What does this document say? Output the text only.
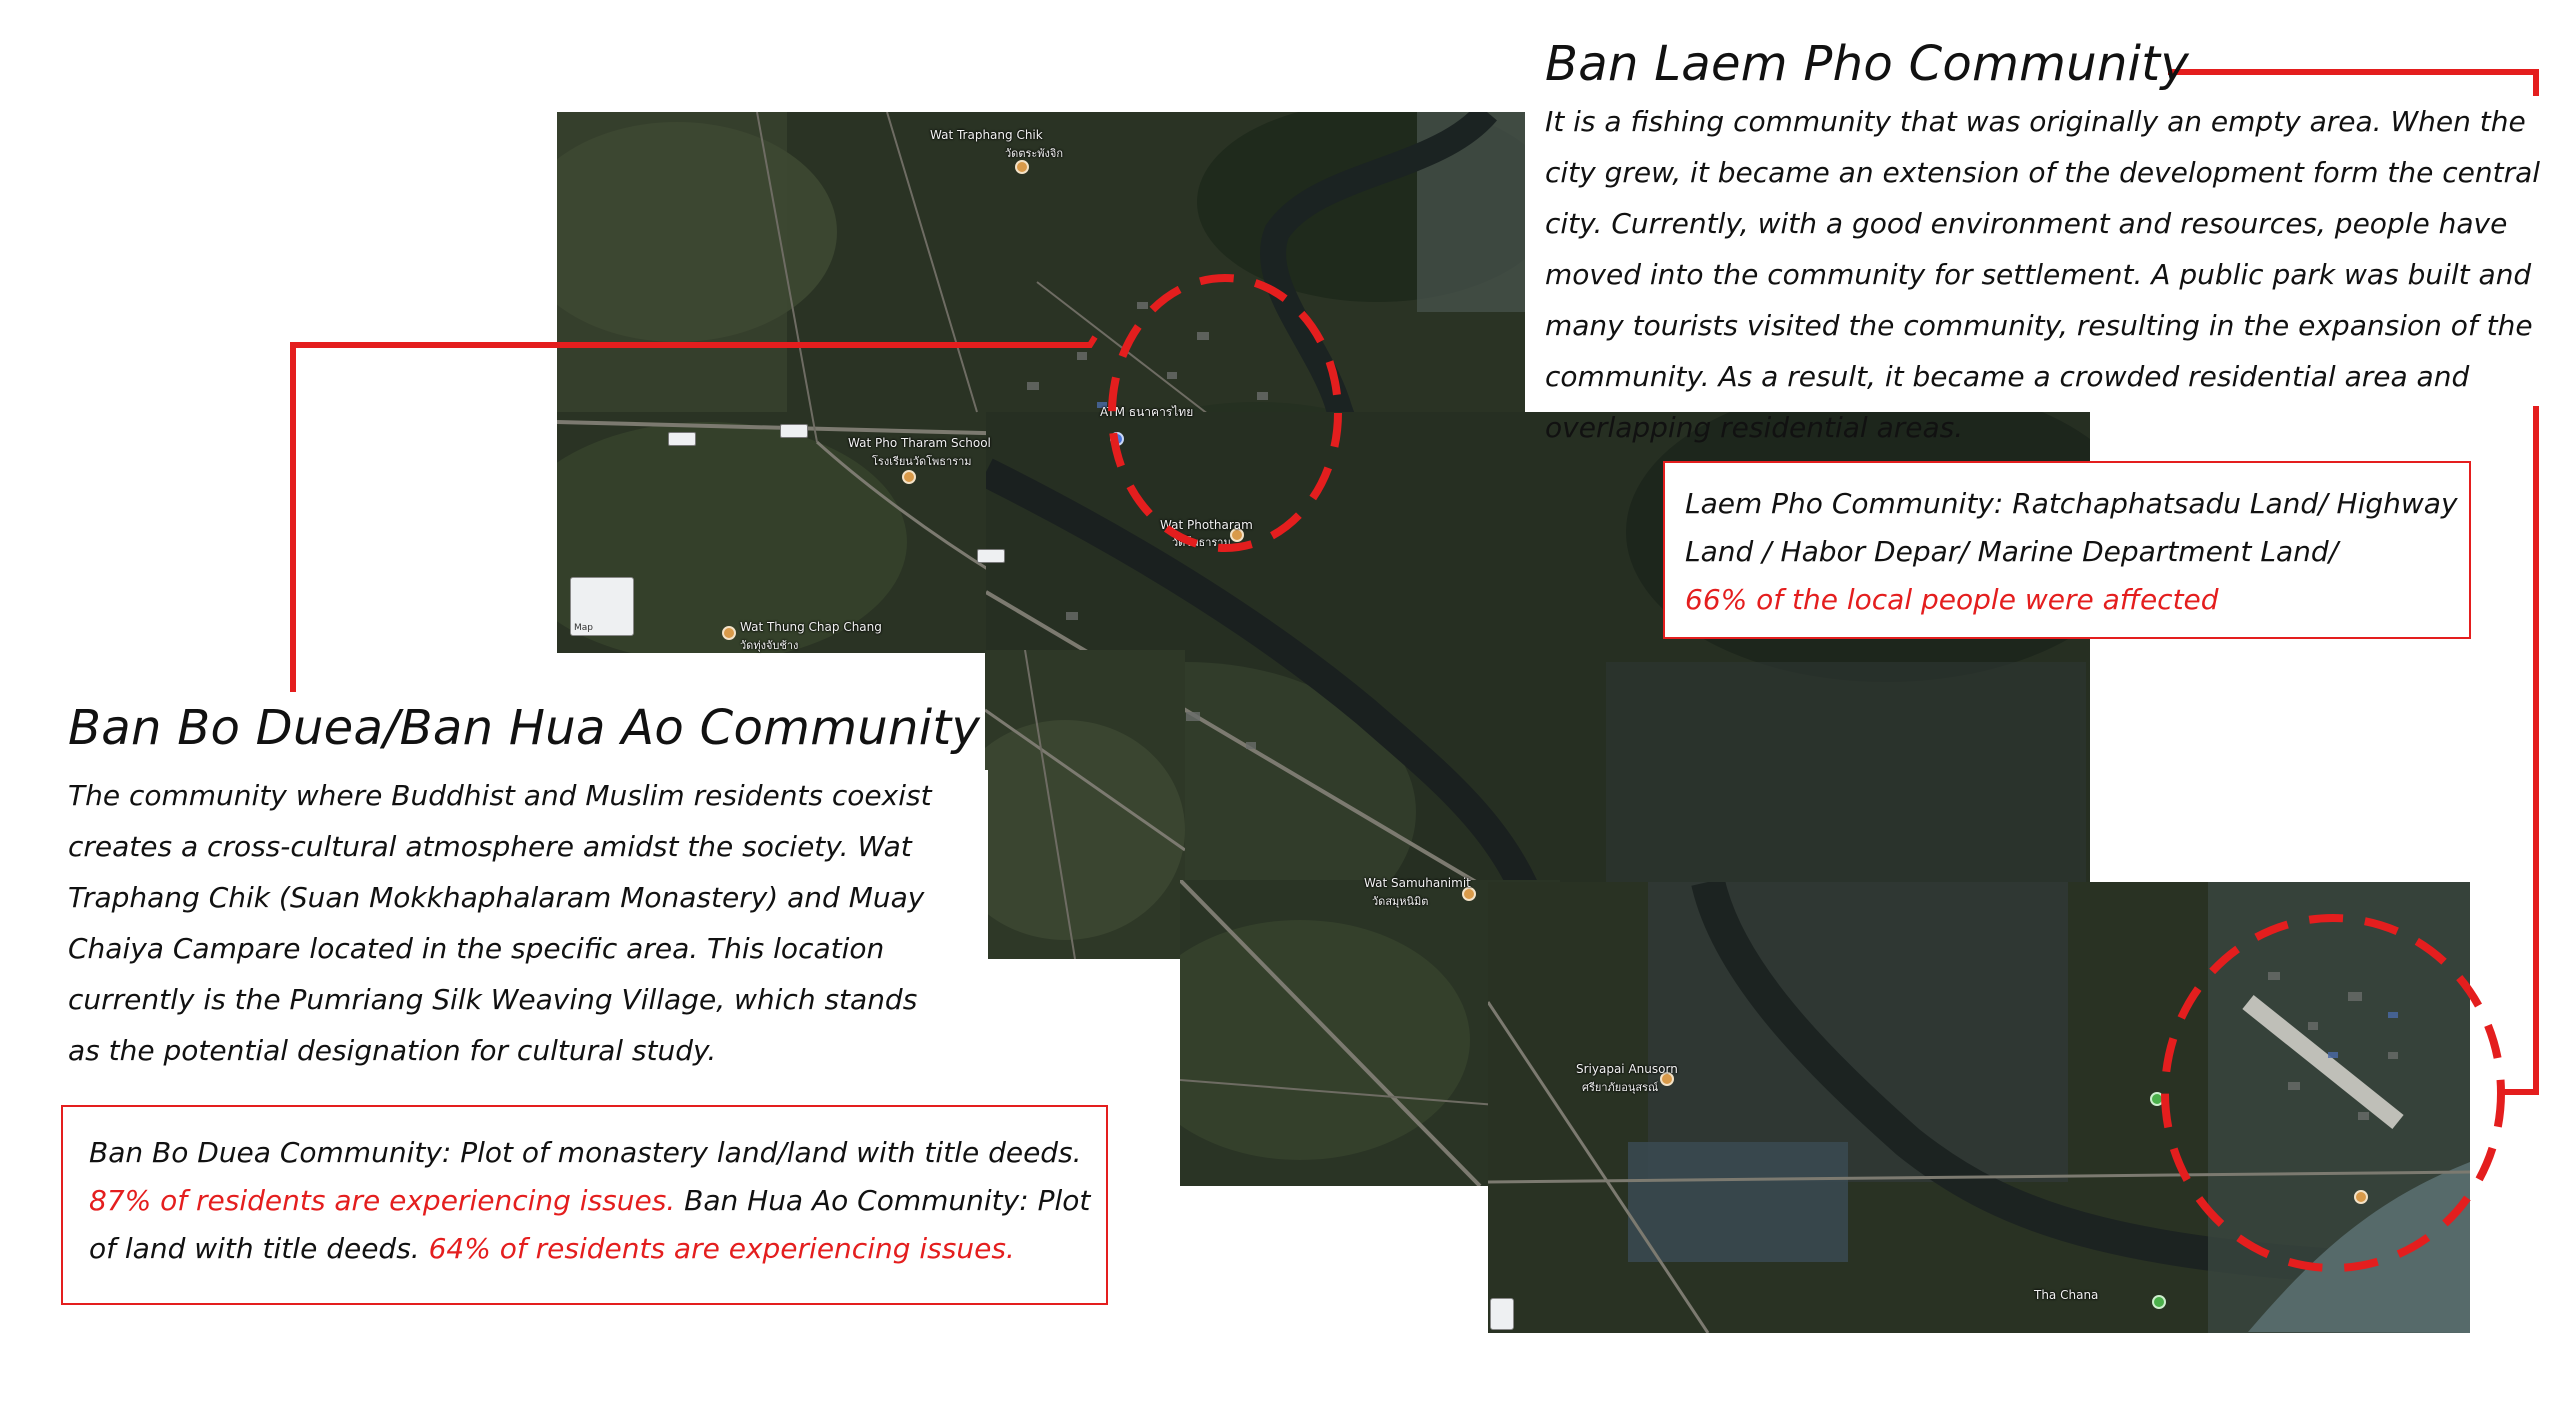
Map
Wat Traphang Chik
วัดตระพังจิก
Wat Pho Tharam School
โรงเรียนวัดโพธาราม
ATM ธนาคารไทย
Wat Photharam
วัดโพธาราม
Wat Thung Chap Chang
วัดทุ่งจับช้าง
Wat Samuhanimit
วัดสมุหนิมิต
Sriyapai Anusorn
ศรียาภัยอนุสรณ์
Tha Chana
Ban Laem Pho Community
It is a fishing community that was originally an empty area. When the
city grew, it became an extension of the development form the central
city. Currently, with a good environment and resources, people have
moved into the community for settlement. A public park was built and
many tourists visited the community, resulting in the expansion of the
community. As a result, it became a crowded residential area and
overlapping residential areas.
Laem Pho Community: Ratchaphatsadu Land/ Highway
Land / Habor Depar/ Marine Department Land/
66% of the local people were affected
Ban Bo Duea/Ban Hua Ao Community
The community where Buddhist and Muslim residents coexist
creates a cross-cultural atmosphere amidst the society. Wat
Traphang Chik (Suan Mokkhaphalaram Monastery) and Muay
Chaiya Campare located in the specific area. This location
currently is the Pumriang Silk Weaving Village, which stands
as the potential designation for cultural study.
Ban Bo Duea Community: Plot of monastery land/land with title deeds.
87% of residents are experiencing issues. Ban Hua Ao Community: Plot
of land with title deeds. 64% of residents are experiencing issues.
